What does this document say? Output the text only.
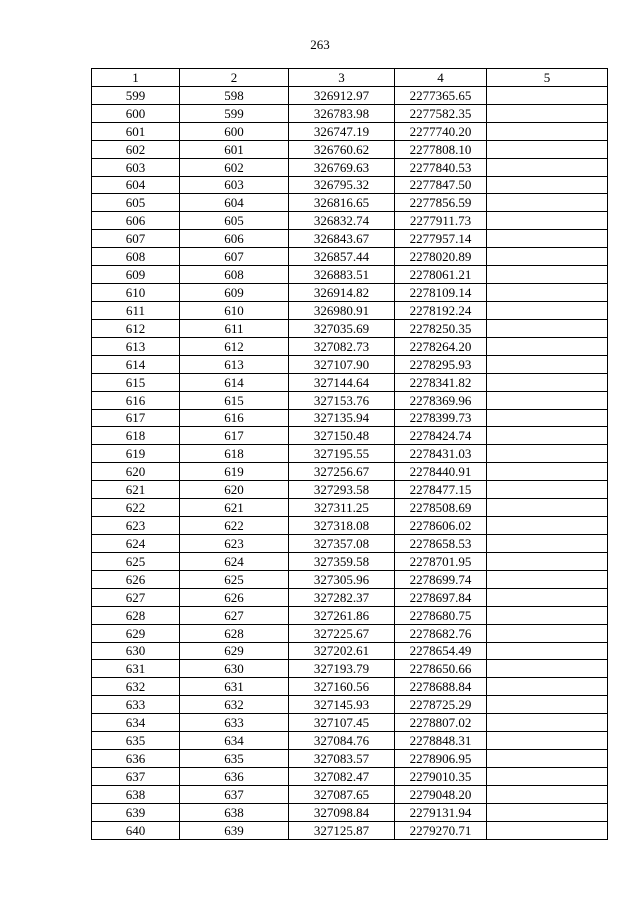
263
1	2	3	4	5
599	598	326912.97	2277365.65	
600	599	326783.98	2277582.35	
601	600	326747.19	2277740.20	
602	601	326760.62	2277808.10	
603	602	326769.63	2277840.53	
604	603	326795.32	2277847.50	
605	604	326816.65	2277856.59	
606	605	326832.74	2277911.73	
607	606	326843.67	2277957.14	
608	607	326857.44	2278020.89	
609	608	326883.51	2278061.21	
610	609	326914.82	2278109.14	
611	610	326980.91	2278192.24	
612	611	327035.69	2278250.35	
613	612	327082.73	2278264.20	
614	613	327107.90	2278295.93	
615	614	327144.64	2278341.82	
616	615	327153.76	2278369.96	
617	616	327135.94	2278399.73	
618	617	327150.48	2278424.74	
619	618	327195.55	2278431.03	
620	619	327256.67	2278440.91	
621	620	327293.58	2278477.15	
622	621	327311.25	2278508.69	
623	622	327318.08	2278606.02	
624	623	327357.08	2278658.53	
625	624	327359.58	2278701.95	
626	625	327305.96	2278699.74	
627	626	327282.37	2278697.84	
628	627	327261.86	2278680.75	
629	628	327225.67	2278682.76	
630	629	327202.61	2278654.49	
631	630	327193.79	2278650.66	
632	631	327160.56	2278688.84	
633	632	327145.93	2278725.29	
634	633	327107.45	2278807.02	
635	634	327084.76	2278848.31	
636	635	327083.57	2278906.95	
637	636	327082.47	2279010.35	
638	637	327087.65	2279048.20	
639	638	327098.84	2279131.94	
640	639	327125.87	2279270.71	
